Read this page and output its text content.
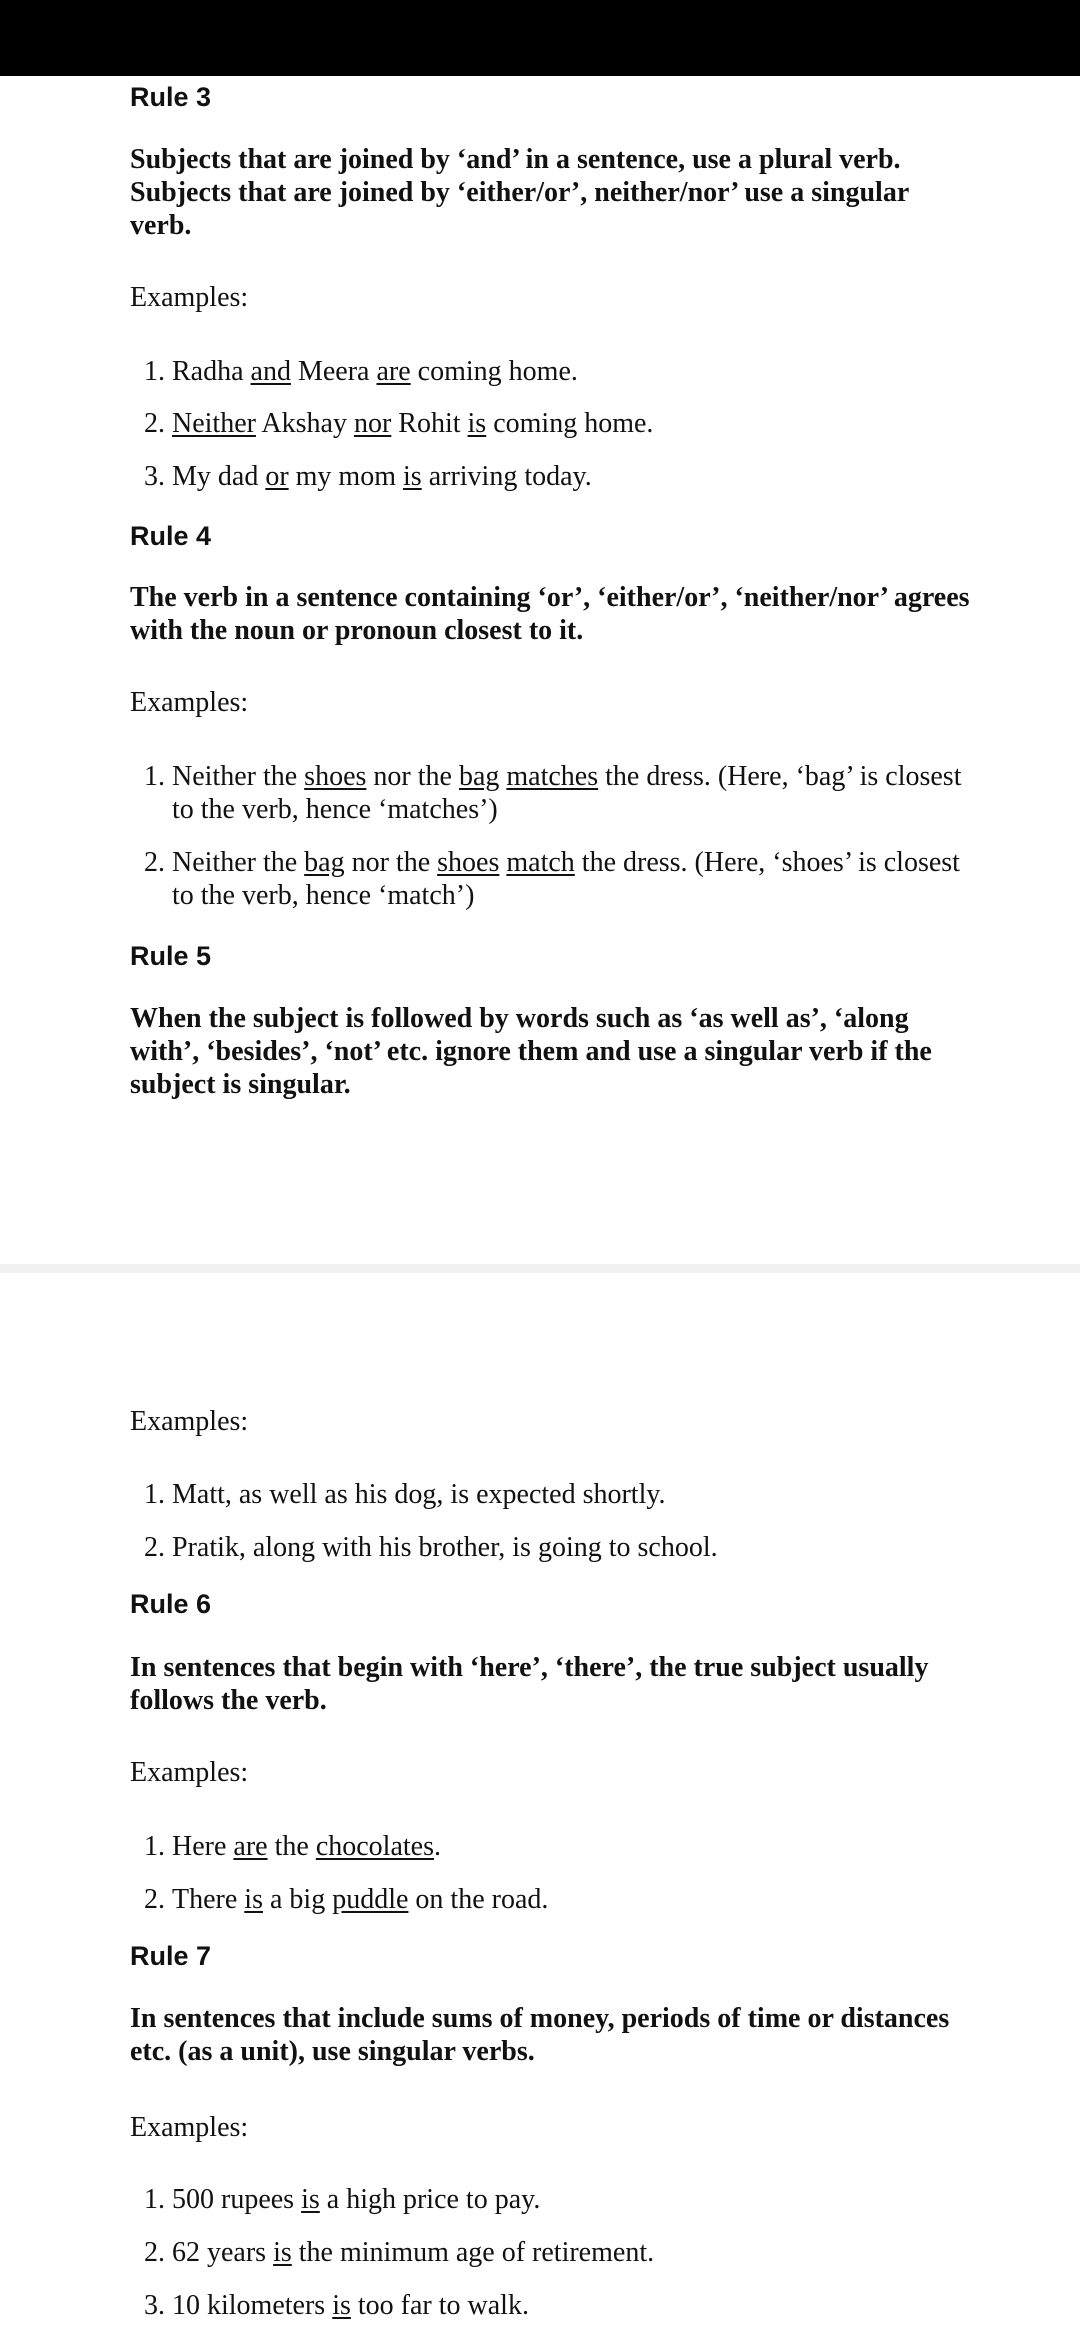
Rule 3

Subjects that are joined by ‘and’ in a sentence, use a plural verb. Subjects that are joined by ‘either/or’, neither/nor’ use a singular verb.

Examples:

1. Radha and Meera are coming home.
2. Neither Akshay nor Rohit is coming home.
3. My dad or my mom is arriving today.
Rule 4

The verb in a sentence containing ‘or’, ‘either/or’, ‘neither/nor’ agrees with the noun or pronoun closest to it.

Examples:

1. Neither the shoes nor the bag matches the dress. (Here, ‘bag’ is closest to the verb, hence ‘matches’)
2. Neither the bag nor the shoes match the dress. (Here, ‘shoes’ is closest to the verb, hence ‘match’)
Rule 5

When the subject is followed by words such as ‘as well as’, ‘along with’, ‘besides’, ‘not’ etc. ignore them and use a singular verb if the subject is singular.

Examples:

1. Matt, as well as his dog, is expected shortly.
2. Pratik, along with his brother, is going to school.
Rule 6

In sentences that begin with ‘here’, ‘there’, the true subject usually follows the verb.

Examples:

1. Here are the chocolates.
2. There is a big puddle on the road.
Rule 7

In sentences that include sums of money, periods of time or distances etc. (as a unit), use singular verbs.

Examples:

1. 500 rupees is a high price to pay.
2. 62 years is the minimum age of retirement.
3. 10 kilometers is too far to walk.
